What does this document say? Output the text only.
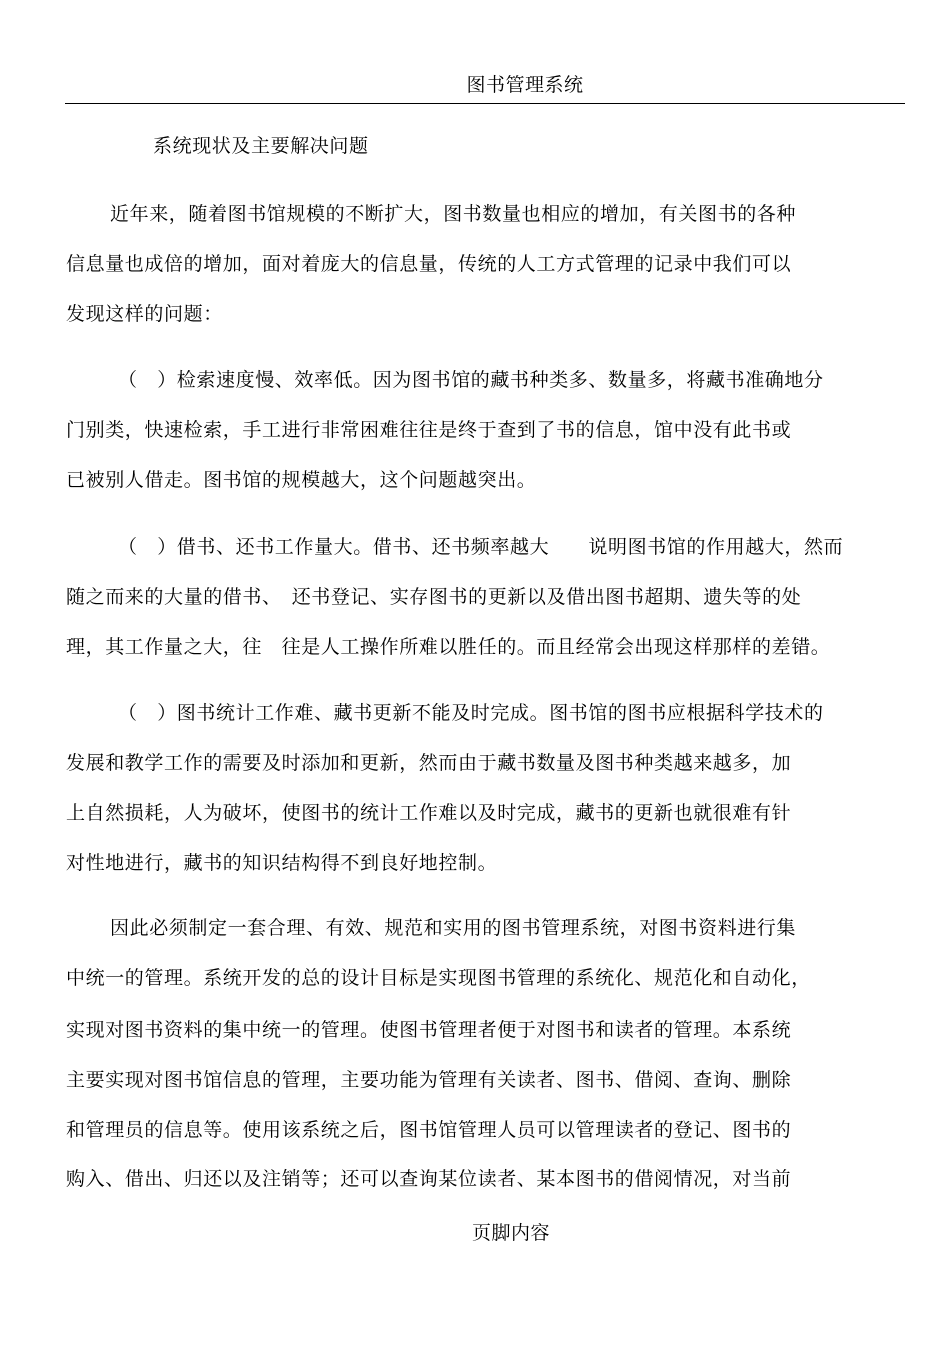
图书管理系统
系统现状及主要解决问题
近年来，随着图书馆规模的不断扩大，图书数量也相应的增加，有关图书的各种
信息量也成倍的增加，面对着庞大的信息量，传统的人工方式管理的记录中我们可以
发现这样的问题：
（　）检索速度慢、效率低。因为图书馆的藏书种类多、数量多，将藏书准确地分
门别类，快速检索，手工进行非常困难往往是终于查到了书的信息，馆中没有此书或
已被别人借走。图书馆的规模越大，这个问题越突出。
（　）借书、还书工作量大。借书、还书频率越大　　说明图书馆的作用越大，然而
随之而来的大量的借书、　还书登记、实存图书的更新以及借出图书超期、遗失等的处
理，其工作量之大，往　往是人工操作所难以胜任的。而且经常会出现这样那样的差错。
（　）图书统计工作难、藏书更新不能及时完成。图书馆的图书应根据科学技术的
发展和教学工作的需要及时添加和更新，然而由于藏书数量及图书种类越来越多，加
上自然损耗，人为破坏，使图书的统计工作难以及时完成，藏书的更新也就很难有针
对性地进行，藏书的知识结构得不到良好地控制。
因此必须制定一套合理、有效、规范和实用的图书管理系统，对图书资料进行集
中统一的管理。系统开发的总的设计目标是实现图书管理的系统化、规范化和自动化，
实现对图书资料的集中统一的管理。使图书管理者便于对图书和读者的管理。本系统
主要实现对图书馆信息的管理，主要功能为管理有关读者、图书、借阅、查询、删除
和管理员的信息等。使用该系统之后，图书馆管理人员可以管理读者的登记、图书的
购入、借出、归还以及注销等；还可以查询某位读者、某本图书的借阅情况，对当前
页脚内容
